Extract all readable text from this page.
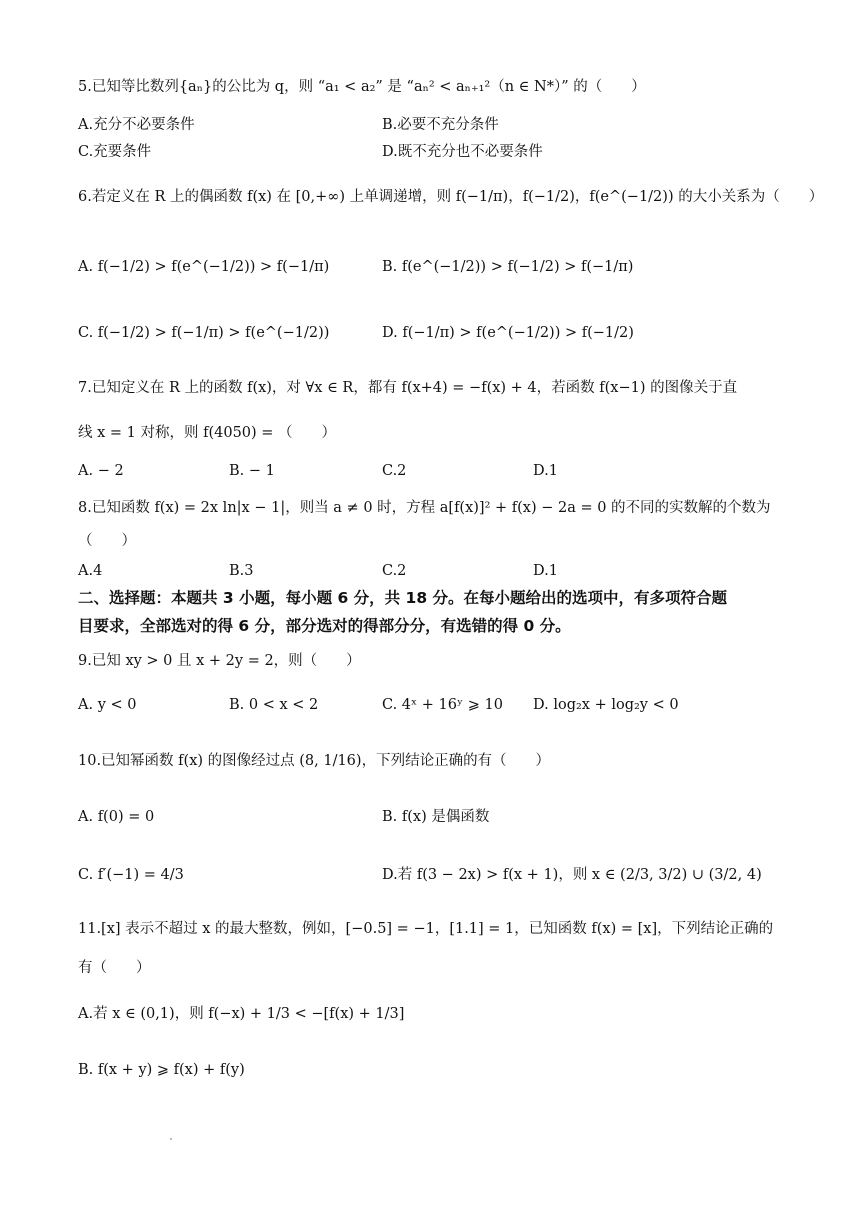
5.已知等比数列{aₙ}的公比为 q，则 “a₁ < a₂” 是 “aₙ² < aₙ₊₁²（n ∈ N*）” 的（　　）
A.充分不必要条件	B.必要不充分条件
C.充要条件	D.既不充分也不必要条件
6.若定义在 R 上的偶函数 f(x) 在 [0,+∞) 上单调递增，则 f(−1/π)，f(−1/2)，f(e^(−1/2)) 的大小关系为（　　）
A. f(−1/2) > f(e^(−1/2)) > f(−1/π)	B. f(e^(−1/2)) > f(−1/2) > f(−1/π)
C. f(−1/2) > f(−1/π) > f(e^(−1/2))	D. f(−1/π) > f(e^(−1/2)) > f(−1/2)
7.已知定义在 R 上的函数 f(x)，对 ∀x ∈ R，都有 f(x+4) = −f(x) + 4，若函数 f(x−1) 的图像关于直
线 x = 1 对称，则 f(4050) = （　　）
A. − 2	B. − 1	C.2	D.1
8.已知函数 f(x) = 2x ln|x − 1|，则当 a ≠ 0 时，方程 a[f(x)]² + f(x) − 2a = 0 的不同的实数解的个数为
（　　）
A.4	B.3	C.2	D.1
二、选择题：本题共 3 小题，每小题 6 分，共 18 分。在每小题给出的选项中，有多项符合题
目要求，全部选对的得 6 分，部分选对的得部分分，有选错的得 0 分。
9.已知 xy > 0 且 x + 2y = 2，则（　　）
A. y < 0	B. 0 < x < 2	C. 4ˣ + 16ʸ ⩾ 10 D. log₂x + log₂y < 0
10.已知幂函数 f(x) 的图像经过点 (8, 1/16)，下列结论正确的有（　　）
A. f(0) = 0	B. f(x) 是偶函数
C. f′(−1) = 4/3	D.若 f(3 − 2x) > f(x + 1)，则 x ∈ (2/3, 3/2) ∪ (3/2, 4)
11.[x] 表示不超过 x 的最大整数，例如，[−0.5] = −1，[1.1] = 1，已知函数 f(x) = [x]，下列结论正确的
有（　　）
A.若 x ∈ (0,1)，则 f(−x) + 1/3 < −[f(x) + 1/3]
B. f(x + y) ⩾ f(x) + f(y)
